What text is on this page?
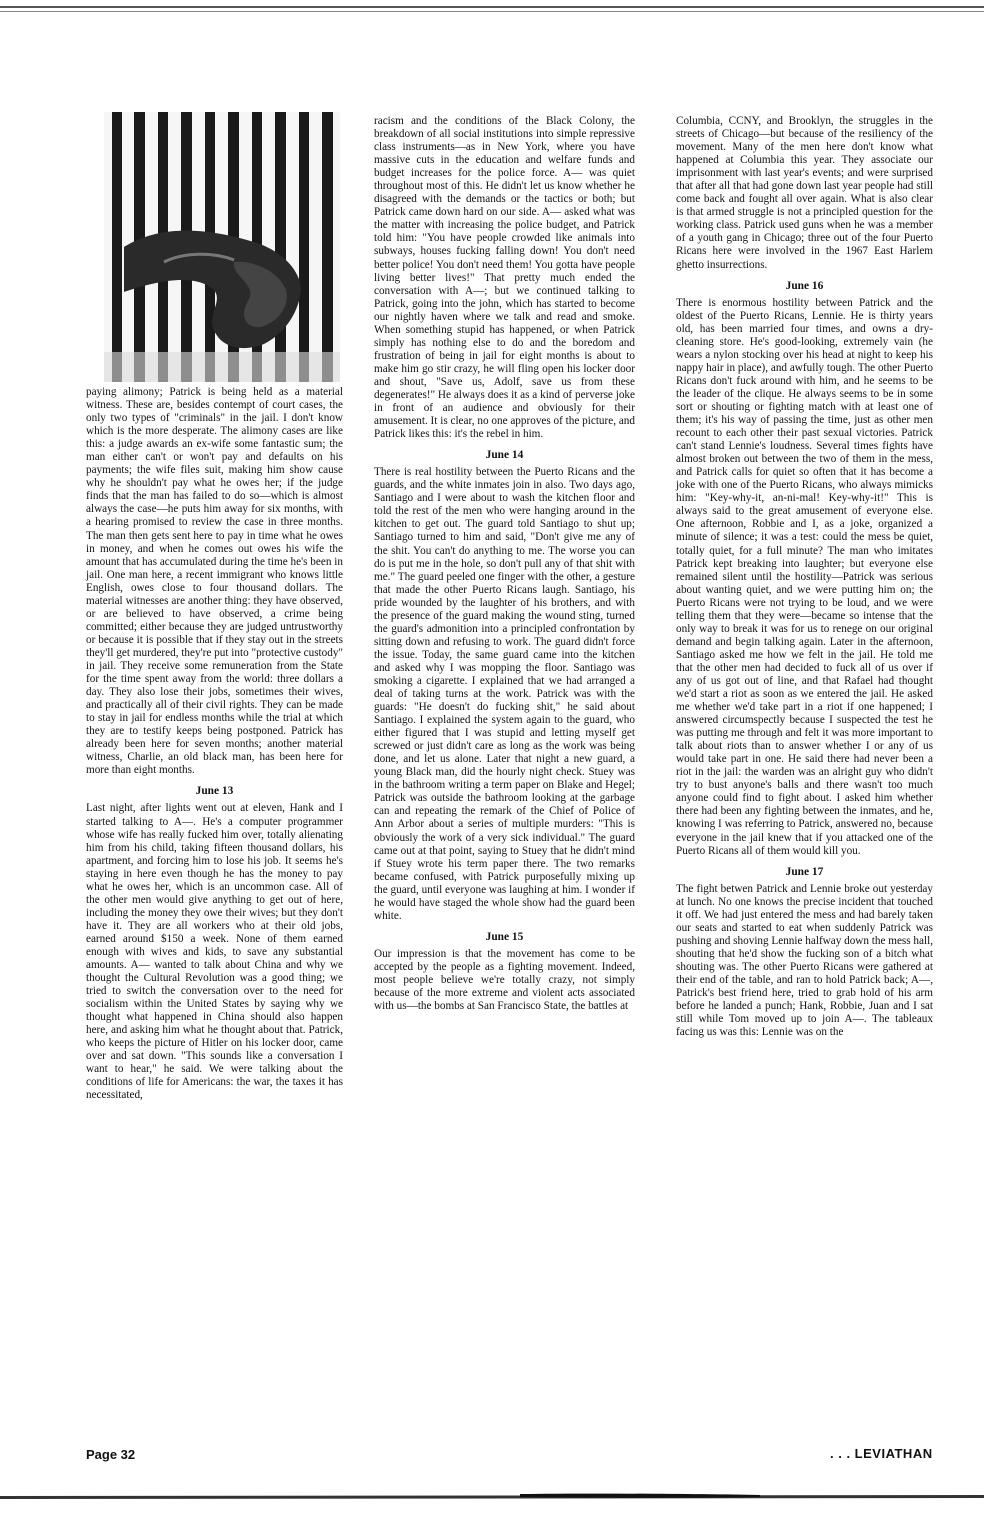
paying alimony; Patrick is being held as a material witness. These are, besides contempt of court cases, the only two types of "criminals" in the jail. I don't know which is the more desperate. The alimony cases are like this: a judge awards an ex-wife some fantastic sum; the man either can't or won't pay and defaults on his payments; the wife files suit, making him show cause why he shouldn't pay what he owes her; if the judge finds that the man has failed to do so—which is almost always the case—he puts him away for six months, with a hearing promised to review the case in three months. The man then gets sent here to pay in time what he owes in money, and when he comes out owes his wife the amount that has accumulated during the time he's been in jail. One man here, a recent immigrant who knows little English, owes close to four thousand dollars. The material witnesses are another thing: they have observed, or are believed to have observed, a crime being committed; either because they are judged untrustworthy or because it is possible that if they stay out in the streets they'll get murdered, they're put into "protective custody" in jail. They receive some remuneration from the State for the time spent away from the world: three dollars a day. They also lose their jobs, sometimes their wives, and practically all of their civil rights. They can be made to stay in jail for endless months while the trial at which they are to testify keeps being postponed. Patrick has already been here for seven months; another material witness, Charlie, an old black man, has been here for more than eight months.

June 13

Last night, after lights went out at eleven, Hank and I started talking to A—. He's a computer programmer whose wife has really fucked him over, totally alienating him from his child, taking fifteen thousand dollars, his apartment, and forcing him to lose his job. It seems he's staying in here even though he has the money to pay what he owes her, which is an uncommon case. All of the other men would give anything to get out of here, including the money they owe their wives; but they don't have it. They are all workers who at their old jobs, earned around $150 a week. None of them earned enough with wives and kids, to save any substantial amounts. A— wanted to talk about China and why we thought the Cultural Revolution was a good thing; we tried to switch the conversation over to the need for socialism within the United States by saying why we thought what happened in China should also happen here, and asking him what he thought about that. Patrick, who keeps the picture of Hitler on his locker door, came over and sat down. "This sounds like a conversation I want to hear," he said. We were talking about the conditions of life for Americans: the war, the taxes it has necessitated,

racism and the conditions of the Black Colony, the breakdown of all social institutions into simple repressive class instruments—as in New York, where you have massive cuts in the education and welfare funds and budget increases for the police force. A— was quiet throughout most of this. He didn't let us know whether he disagreed with the demands or the tactics or both; but Patrick came down hard on our side. A— asked what was the matter with increasing the police budget, and Patrick told him: "You have people crowded like animals into subways, houses fucking falling down! You don't need better police! You don't need them! You gotta have people living better lives!" That pretty much ended the conversation with A—; but we continued talking to Patrick, going into the john, which has started to become our nightly haven where we talk and read and smoke. When something stupid has happened, or when Patrick simply has nothing else to do and the boredom and frustration of being in jail for eight months is about to make him go stir crazy, he will fling open his locker door and shout, "Save us, Adolf, save us from these degenerates!" He always does it as a kind of perverse joke in front of an audience and obviously for their amusement. It is clear, no one approves of the picture, and Patrick likes this: it's the rebel in him.

June 14

There is real hostility between the Puerto Ricans and the guards, and the white inmates join in also. Two days ago, Santiago and I were about to wash the kitchen floor and told the rest of the men who were hanging around in the kitchen to get out. The guard told Santiago to shut up; Santiago turned to him and said, "Don't give me any of the shit. You can't do anything to me. The worse you can do is put me in the hole, so don't pull any of that shit with me." The guard peeled one finger with the other, a gesture that made the other Puerto Ricans laugh. Santiago, his pride wounded by the laughter of his brothers, and with the presence of the guard making the wound sting, turned the guard's admonition into a principled confrontation by sitting down and refusing to work. The guard didn't force the issue. Today, the same guard came into the kitchen and asked why I was mopping the floor. Santiago was smoking a cigarette. I explained that we had arranged a deal of taking turns at the work. Patrick was with the guards: "He doesn't do fucking shit," he said about Santiago. I explained the system again to the guard, who either figured that I was stupid and letting myself get screwed or just didn't care as long as the work was being done, and let us alone. Later that night a new guard, a young Black man, did the hourly night check. Stuey was in the bathroom writing a term paper on Blake and Hegel; Patrick was outside the bathroom looking at the garbage can and repeating the remark of the Chief of Police of Ann Arbor about a series of multiple murders: "This is obviously the work of a very sick individual." The guard came out at that point, saying to Stuey that he didn't mind if Stuey wrote his term paper there. The two remarks became confused, with Patrick purposefully mixing up the guard, until everyone was laughing at him. I wonder if he would have staged the whole show had the guard been white.

June 15

Our impression is that the movement has come to be accepted by the people as a fighting movement. Indeed, most people believe we're totally crazy, not simply because of the more extreme and violent acts associated with us—the bombs at San Francisco State, the battles at

Columbia, CCNY, and Brooklyn, the struggles in the streets of Chicago—but because of the resiliency of the movement. Many of the men here don't know what happened at Columbia this year. They associate our imprisonment with last year's events; and were surprised that after all that had gone down last year people had still come back and fought all over again. What is also clear is that armed struggle is not a principled question for the working class. Patrick used guns when he was a member of a youth gang in Chicago; three out of the four Puerto Ricans here were involved in the 1967 East Harlem ghetto insurrections.

June 16

There is enormous hostility between Patrick and the oldest of the Puerto Ricans, Lennie. He is thirty years old, has been married four times, and owns a dry-cleaning store. He's good-looking, extremely vain (he wears a nylon stocking over his head at night to keep his nappy hair in place), and awfully tough. The other Puerto Ricans don't fuck around with him, and he seems to be the leader of the clique. He always seems to be in some sort or shouting or fighting match with at least one of them; it's his way of passing the time, just as other men recount to each other their past sexual victories. Patrick can't stand Lennie's loudness. Several times fights have almost broken out between the two of them in the mess, and Patrick calls for quiet so often that it has become a joke with one of the Puerto Ricans, who always mimicks him: "Key-why-it, an-ni-mal! Key-why-it!" This is always said to the great amusement of everyone else. One afternoon, Robbie and I, as a joke, organized a minute of silence; it was a test: could the mess be quiet, totally quiet, for a full minute? The man who imitates Patrick kept breaking into laughter; but everyone else remained silent until the hostility—Patrick was serious about wanting quiet, and we were putting him on; the Puerto Ricans were not trying to be loud, and we were telling them that they were—became so intense that the only way to break it was for us to renege on our original demand and begin talking again. Later in the afternoon, Santiago asked me how we felt in the jail. He told me that the other men had decided to fuck all of us over if any of us got out of line, and that Rafael had thought we'd start a riot as soon as we entered the jail. He asked me whether we'd take part in a riot if one happened; I answered circumspectly because I suspected the test he was putting me through and felt it was more important to talk about riots than to answer whether I or any of us would take part in one. He said there had never been a riot in the jail: the warden was an alright guy who didn't try to bust anyone's balls and there wasn't too much anyone could find to fight about. I asked him whether there had been any fighting between the inmates, and he, knowing I was referring to Patrick, answered no, because everyone in the jail knew that if you attacked one of the Puerto Ricans all of them would kill you.

June 17

The fight betwen Patrick and Lennie broke out yesterday at lunch. No one knows the precise incident that touched it off. We had just entered the mess and had barely taken our seats and started to eat when suddenly Patrick was pushing and shoving Lennie halfway down the mess hall, shouting that he'd show the fucking son of a bitch what shouting was. The other Puerto Ricans were gathered at their end of the table, and ran to hold Patrick back; A—, Patrick's best friend here, tried to grab hold of his arm before he landed a punch; Hank, Robbie, Juan and I sat still while Tom moved up to join A—. The tableaux facing us was this: Lennie was on the

Page 32	. . . LEVIATHAN
